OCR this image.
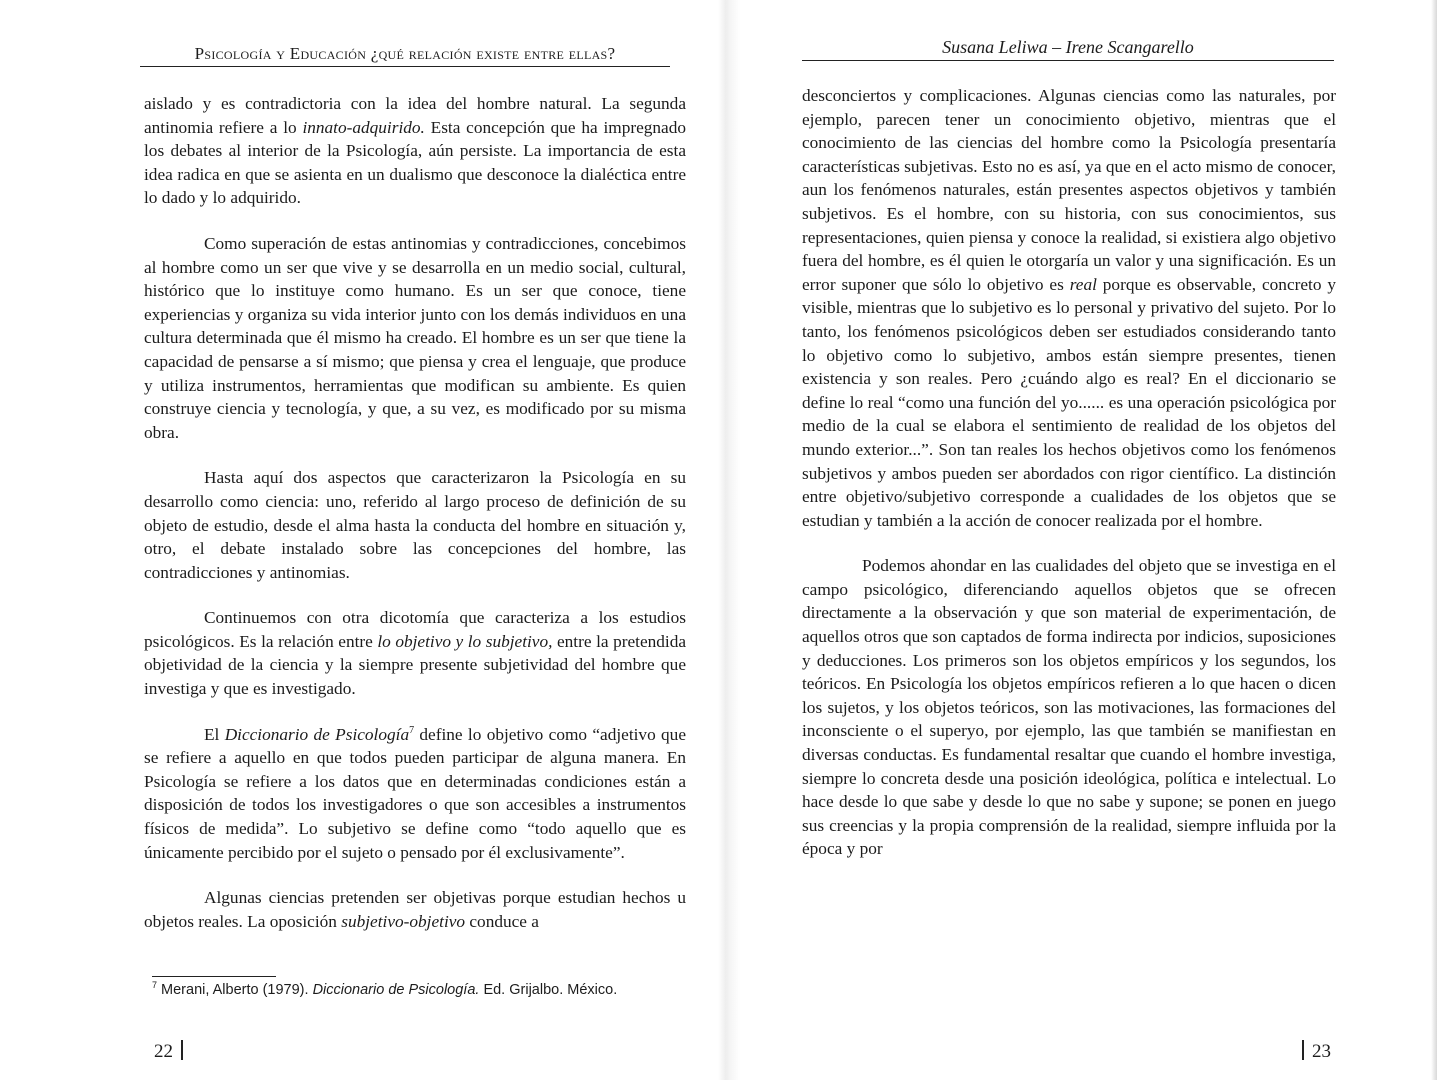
Psicología y Educación ¿qué relación existe entre ellas?

aislado y es contradictoria con la idea del hombre natural. La segunda antinomia refiere a lo innato-adquirido. Esta concepción que ha impregnado los debates al interior de la Psicología, aún persiste. La importancia de esta idea radica en que se asienta en un dualismo que desconoce la dialéctica entre lo dado y lo adquirido.

Como superación de estas antinomias y contradicciones, concebimos al hombre como un ser que vive y se desarrolla en un medio social, cultural, histórico que lo instituye como humano. Es un ser que conoce, tiene experiencias y organiza su vida interior junto con los demás individuos en una cultura determinada que él mismo ha creado. El hombre es un ser que tiene la capacidad de pensarse a sí mismo; que piensa y crea el lenguaje, que produce y utiliza instrumentos, herramientas que modifican su ambiente. Es quien construye ciencia y tecnología, y que, a su vez, es modificado por su misma obra.

Hasta aquí dos aspectos que caracterizaron la Psicología en su desarrollo como ciencia: uno, referido al largo proceso de definición de su objeto de estudio, desde el alma hasta la conducta del hombre en situación y, otro, el debate instalado sobre las concepciones del hombre, las contradicciones y antinomias.

Continuemos con otra dicotomía que caracteriza a los estudios psicológicos. Es la relación entre lo objetivo y lo subjetivo, entre la pretendida objetividad de la ciencia y la siempre presente subjetividad del hombre que investiga y que es investigado.

El Diccionario de Psicología$^7$ define lo objetivo como “adjetivo que se refiere a aquello en que todos pueden participar de alguna manera. En Psicología se refiere a los datos que en determinadas condiciones están a disposición de todos los investigadores o que son accesibles a instrumentos físicos de medida”. Lo subjetivo se define como “todo aquello que es únicamente percibido por el sujeto o pensado por él exclusivamente”.

Algunas ciencias pretenden ser objetivas porque estudian hechos u objetos reales. La oposición subjetivo-objetivo conduce a

$^7$ Merani, Alberto (1979). Diccionario de Psicología. Ed. Grijalbo. México.
22
Susana Leliwa – Irene Scangarello

desconciertos y complicaciones. Algunas ciencias como las naturales, por ejemplo, parecen tener un conocimiento objetivo, mientras que el conocimiento de las ciencias del hombre como la Psicología presentaría características subjetivas. Esto no es así, ya que en el acto mismo de conocer, aun los fenómenos naturales, están presentes aspectos objetivos y también subjetivos. Es el hombre, con su historia, con sus conocimientos, sus representaciones, quien piensa y conoce la realidad, si existiera algo objetivo fuera del hombre, es él quien le otorgaría un valor y una significación. Es un error suponer que sólo lo objetivo es real porque es observable, concreto y visible, mientras que lo subjetivo es lo personal y privativo del sujeto. Por lo tanto, los fenómenos psicológicos deben ser estudiados considerando tanto lo objetivo como lo subjetivo, ambos están siempre presentes, tienen existencia y son reales. Pero ¿cuándo algo es real? En el diccionario se define lo real “como una función del yo...... es una operación psicológica por medio de la cual se elabora el sentimiento de realidad de los objetos del mundo exterior...”. Son tan reales los hechos objetivos como los fenómenos subjetivos y ambos pueden ser abordados con rigor científico. La distinción entre objetivo/subjetivo corresponde a cualidades de los objetos que se estudian y también a la acción de conocer realizada por el hombre.

Podemos ahondar en las cualidades del objeto que se investiga en el campo psicológico, diferenciando aquellos objetos que se ofrecen directamente a la observación y que son material de experimentación, de aquellos otros que son captados de forma indirecta por indicios, suposiciones y deducciones. Los primeros son los objetos empíricos y los segundos, los teóricos. En Psicología los objetos empíricos refieren a lo que hacen o dicen los sujetos, y los objetos teóricos, son las motivaciones, las formaciones del inconsciente o el superyo, por ejemplo, las que también se manifiestan en diversas conductas. Es fundamental resaltar que cuando el hombre investiga, siempre lo concreta desde una posición ideológica, política e intelectual. Lo hace desde lo que sabe y desde lo que no sabe y supone; se ponen en juego sus creencias y la propia comprensión de la realidad, siempre influida por la época y por

23
